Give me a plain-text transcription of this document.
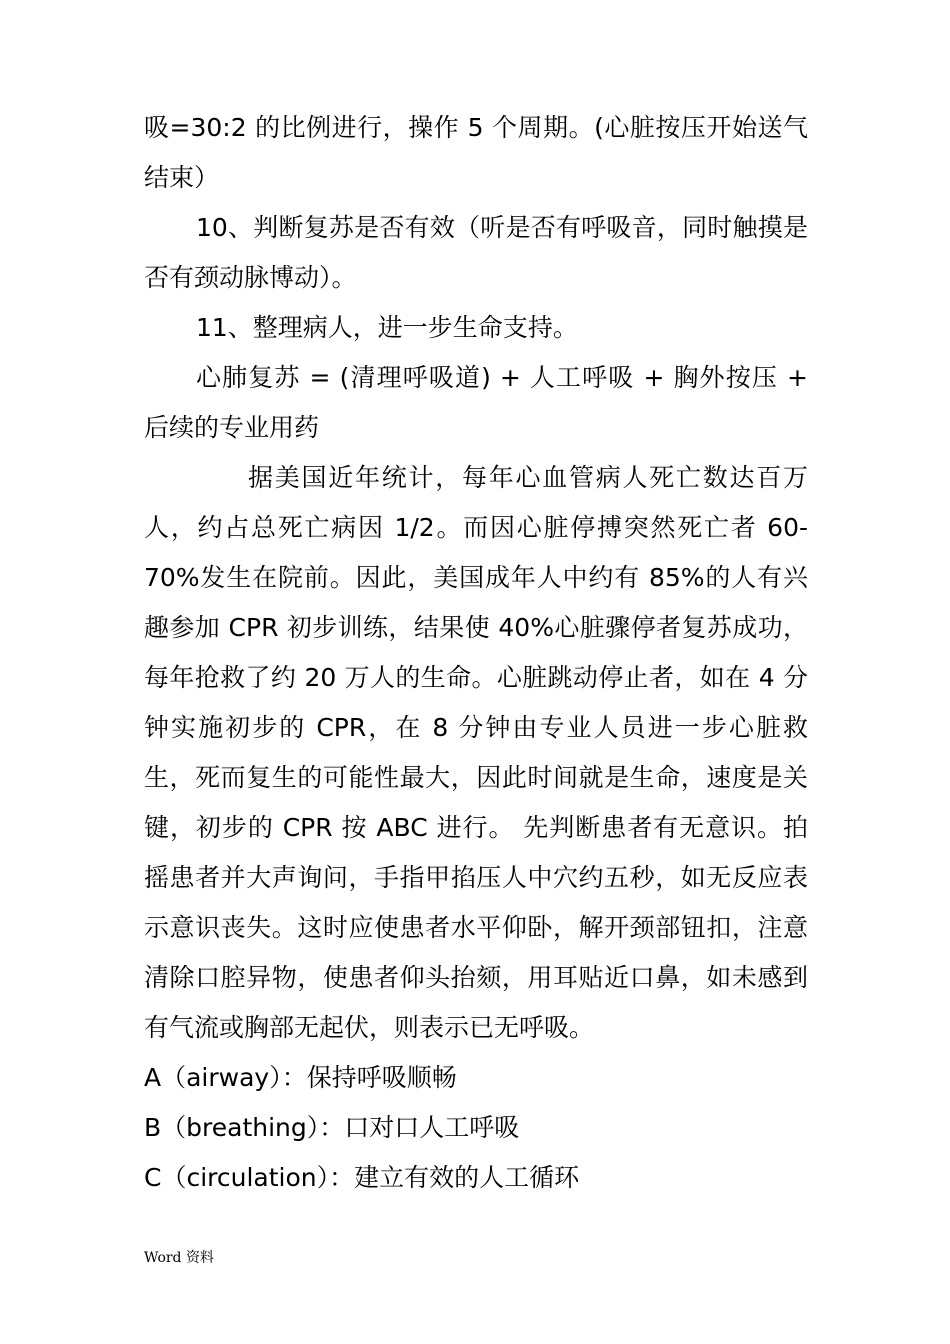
吸=30:2 的比例进行，操作 5 个周期。(心脏按压开始送气结束）

10、判断复苏是否有效（听是否有呼吸音，同时触摸是否有颈动脉博动）。

11、整理病人，进一步生命支持。

心肺复苏 = (清理呼吸道) + 人工呼吸 + 胸外按压 + 后续的专业用药

据美国近年统计，每年心血管病人死亡数达百万人，约占总死亡病因 1/2。而因心脏停搏突然死亡者 60-70%发生在院前。因此，美国成年人中约有 85%的人有兴趣参加 CPR 初步训练，结果使 40%心脏骤停者复苏成功，每年抢救了约 20 万人的生命。心脏跳动停止者，如在 4 分钟实施初步的 CPR，在 8 分钟由专业人员进一步心脏救生，死而复生的可能性最大，因此时间就是生命，速度是关键，初步的 CPR 按 ABC 进行。 先判断患者有无意识。拍摇患者并大声询问，手指甲掐压人中穴约五秒，如无反应表示意识丧失。这时应使患者水平仰卧，解开颈部钮扣，注意清除口腔异物，使患者仰头抬颏，用耳贴近口鼻，如未感到有气流或胸部无起伏，则表示已无呼吸。

A（airway）：保持呼吸顺畅

B（breathing）：口对口人工呼吸

C（circulation）：建立有效的人工循环

Word 资料
